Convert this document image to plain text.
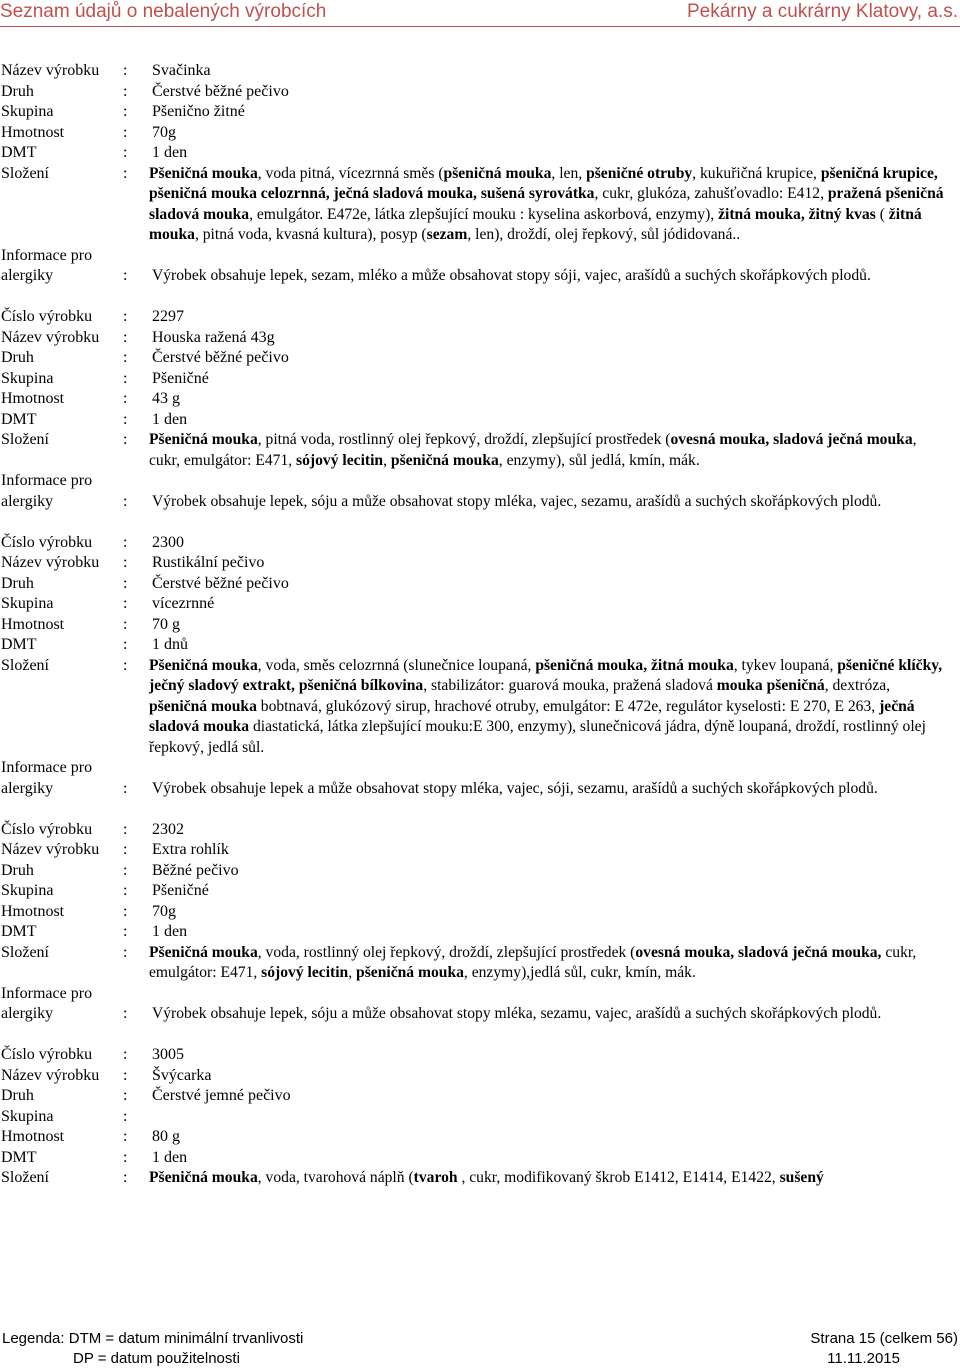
Seznam údajů o nebalených výrobcích	Pekárny a cukrárny Klatovy, a.s.
Název výrobku	:	Svačinka
Druh	:	Čerstvé běžné pečivo
Skupina	:	Pšenično žitné
Hmotnost	:	70g
DMT	:	1 den
Složení	:	Pšeničná mouka, voda pitná, vícezrnná směs (pšeničná mouka, len, pšeničné otruby, kukuřičná krupice, pšeničná krupice, pšeničná mouka celozrnná, ječná sladová mouka, sušená syrovátka, cukr, glukóza, zahušťovadlo: E412, pražená pšeničná sladová mouka, emulgátor. E472e, látka zlepšující mouku : kyselina askorbová, enzymy), žitná mouka, žitný kvas ( žitná mouka, pitná voda, kvasná kultura), posyp (sezam, len), droždí, olej řepkový, sůl jódidovaná..
Informace pro
alergiky	:	Výrobek obsahuje lepek, sezam, mléko a může obsahovat stopy sóji, vajec, arašídů a suchých skořápkových plodů.
Číslo výrobku	:	2297
Název výrobku	:	Houska ražená 43g
Druh	:	Čerstvé běžné pečivo
Skupina	:	Pšeničné
Hmotnost	:	43 g
DMT	:	1 den
Složení	:	Pšeničná mouka, pitná voda, rostlinný olej řepkový, droždí, zlepšující prostředek (ovesná mouka, sladová ječná mouka, cukr, emulgátor: E471, sójový lecitin, pšeničná mouka, enzymy), sůl jedlá, kmín, mák.
Informace pro
alergiky	:	Výrobek obsahuje lepek, sóju a může obsahovat stopy mléka, vajec, sezamu, arašídů a suchých skořápkových plodů.
Číslo výrobku	:	2300
Název výrobku	:	Rustikální pečivo
Druh	:	Čerstvé běžné pečivo
Skupina	:	vícezrnné
Hmotnost	:	70 g
DMT	:	1 dnů
Složení	:	Pšeničná mouka, voda, směs celozrnná (slunečnice loupaná, pšeničná mouka, žitná mouka, tykev loupaná, pšeničné klíčky, ječný sladový extrakt, pšeničná bílkovina, stabilizátor: guarová mouka, pražená sladová mouka pšeničná, dextróza, pšeničná mouka bobtnavá, glukózový sirup, hrachové otruby, emulgátor: E 472e, regulátor kyselosti: E 270, E 263, ječná sladová mouka diastatická, látka zlepšující mouku:E 300, enzymy), slunečnicová jádra, dýně loupaná, droždí, rostlinný olej řepkový, jedlá sůl.
Informace pro
alergiky	:	Výrobek obsahuje lepek a může obsahovat stopy mléka, vajec, sóji, sezamu, arašídů a suchých skořápkových plodů.
Číslo výrobku	:	2302
Název výrobku	:	Extra rohlík
Druh	:	Běžné pečivo
Skupina	:	Pšeničné
Hmotnost	:	70g
DMT	:	1 den
Složení	:	Pšeničná mouka, voda, rostlinný olej řepkový, droždí, zlepšující prostředek (ovesná mouka, sladová ječná mouka, cukr, emulgátor: E471, sójový lecitin, pšeničná mouka, enzymy),jedlá sůl, cukr, kmín, mák.
Informace pro
alergiky	:	Výrobek obsahuje lepek, sóju a může obsahovat stopy mléka, sezamu, vajec, arašídů a suchých skořápkových plodů.
Číslo výrobku	:	3005
Název výrobku	:	Švýcarka
Druh	:	Čerstvé jemné pečivo
Skupina	:
Hmotnost	:	80 g
DMT	:	1 den
Složení	:	Pšeničná mouka, voda, tvarohová náplň (tvaroh , cukr, modifikovaný škrob E1412, E1414, E1422, sušený
Legenda: DTM = datum minimální trvanlivosti
DP = datum použitelnosti
Strana 15 (celkem 56)
11.11.2015
